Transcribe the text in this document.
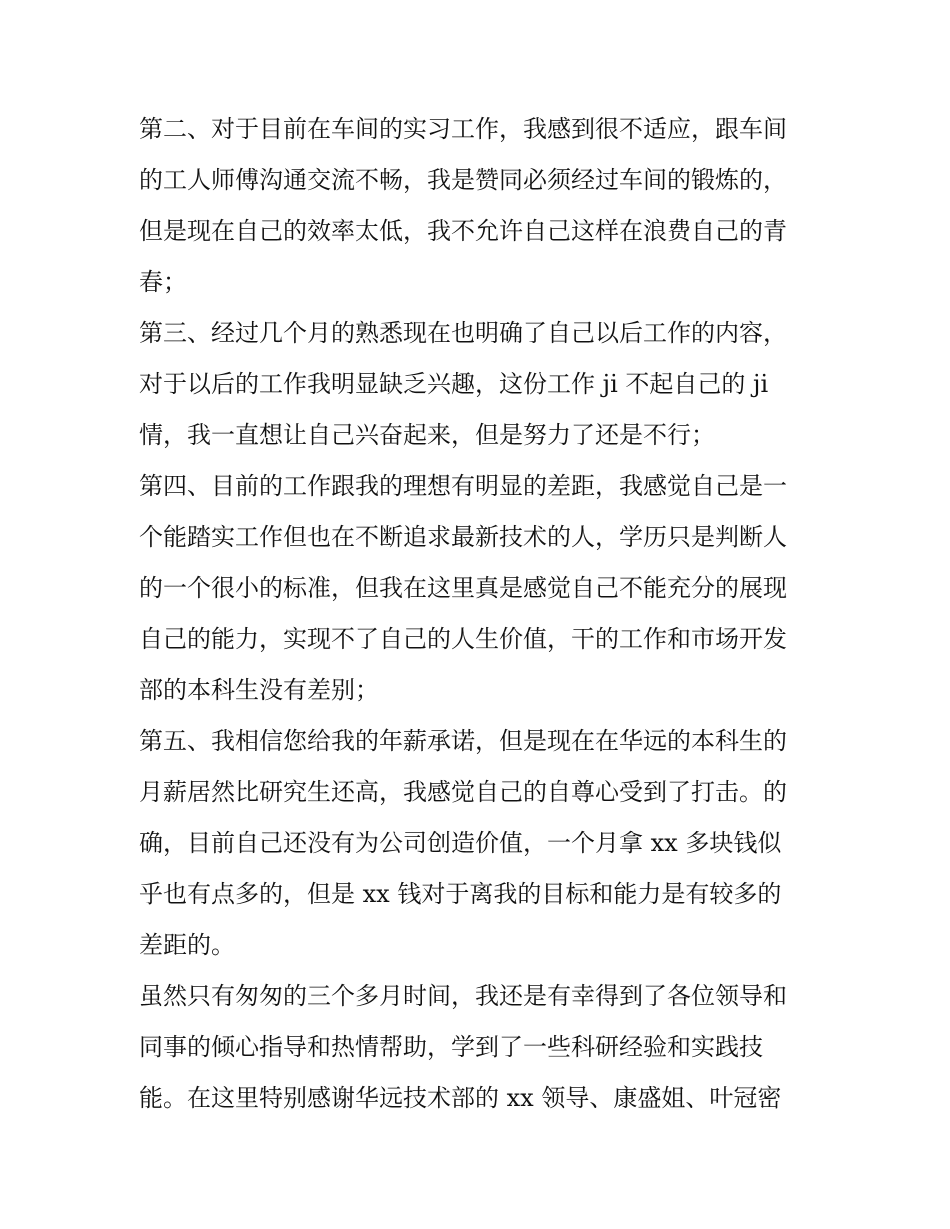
第二、对于目前在车间的实习工作，我感到很不适应，跟车间
的工人师傅沟通交流不畅，我是赞同必须经过车间的锻炼的，
但是现在自己的效率太低，我不允许自己这样在浪费自己的青
春；
第三、经过几个月的熟悉现在也明确了自己以后工作的内容，
对于以后的工作我明显缺乏兴趣，这份工作 ji 不起自己的 ji
情，我一直想让自己兴奋起来，但是努力了还是不行；
第四、目前的工作跟我的理想有明显的差距，我感觉自己是一
个能踏实工作但也在不断追求最新技术的人，学历只是判断人
的一个很小的标准，但我在这里真是感觉自己不能充分的展现
自己的能力，实现不了自己的人生价值，干的工作和市场开发
部的本科生没有差别；
第五、我相信您给我的年薪承诺，但是现在在华远的本科生的
月薪居然比研究生还高，我感觉自己的自尊心受到了打击。的
确，目前自己还没有为公司创造价值，一个月拿 xx 多块钱似
乎也有点多的，但是 xx 钱对于离我的目标和能力是有较多的
差距的。
虽然只有匆匆的三个多月时间，我还是有幸得到了各位领导和
同事的倾心指导和热情帮助，学到了一些科研经验和实践技
能。在这里特别感谢华远技术部的 xx 领导、康盛姐、叶冠密
